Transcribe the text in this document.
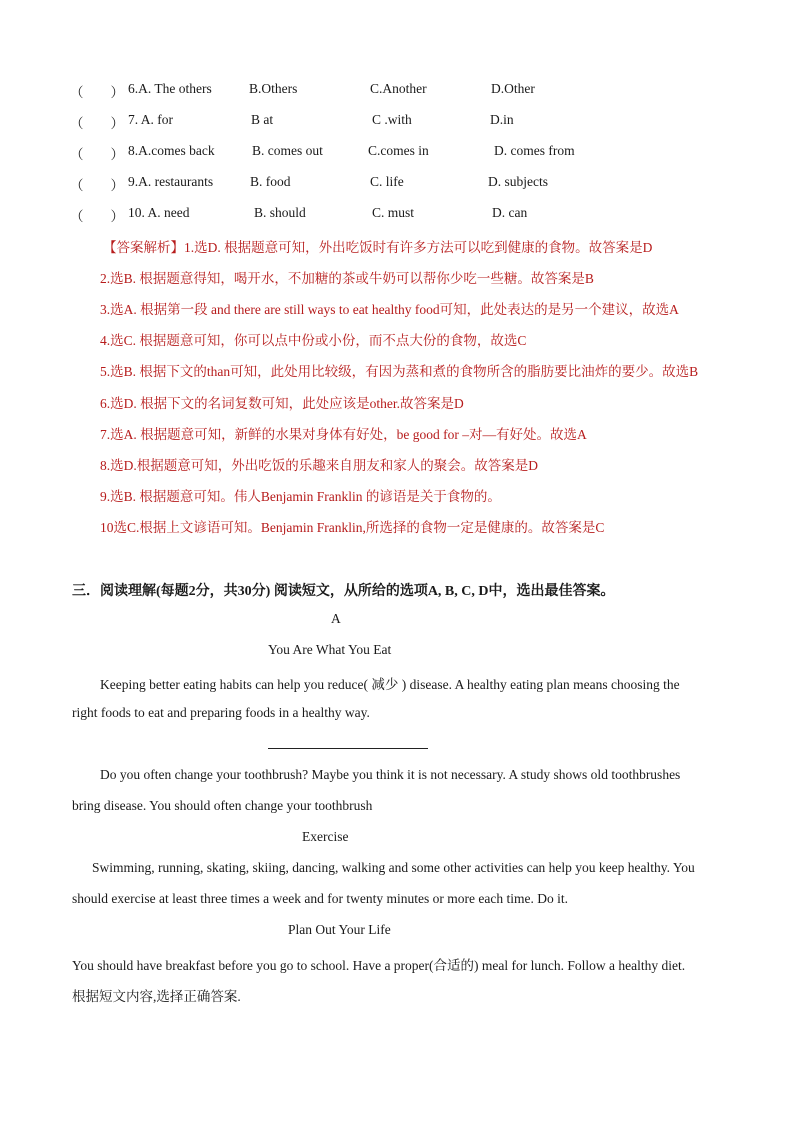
（　　） 6.A. The others	B.Others	C.Another	D.Other
（　　） 7. A. for	B at	C .with	D.in
（　　） 8.A.comes back	B. comes out	C.comes in	D. comes from
（　　） 9.A. restaurants	B. food	C. life	D. subjects
（　　） 10. A. need	B. should	C. must	D. can
【答案解析】1.选D. 根据题意可知，外出吃饭时有许多方法可以吃到健康的食物。故答案是D
2.选B. 根据题意得知，喝开水，不加糖的茶或牛奶可以帮你少吃一些糖。故答案是B
3.选A. 根据第一段 and there are still ways to eat healthy food可知，此处表达的是另一个建议，故选A
4.选C. 根据题意可知，你可以点中份或小份，而不点大份的食物，故选C
5.选B. 根据下文的than可知，此处用比较级，有因为蒸和煮的食物所含的脂肪要比油炸的要少。故选B
6.选D. 根据下文的名词复数可知，此处应该是other.故答案是D
7.选A. 根据题意可知，新鲜的水果对身体有好处，be good for –对—有好处。故选A
8.选D.根据题意可知，外出吃饭的乐趣来自朋友和家人的聚会。故答案是D
9.选B. 根据题意可知。伟人Benjamin Franklin 的谚语是关于食物的。
10选C.根据上文谚语可知。Benjamin Franklin,所选择的食物一定是健康的。故答案是C
三．阅读理解(每题2分，共30分) 阅读短文，从所给的选项A, B, C, D中，选出最佳答案。
A
You Are What You Eat
Keeping better eating habits can help you reduce( 减少 ) disease. A healthy eating plan means choosing the
right foods to eat and preparing foods in a healthy way.
Do you often change your toothbrush? Maybe you think it is not necessary. A study shows old toothbrushes
bring disease. You should often change your toothbrush
Exercise
Swimming, running, skating, skiing, dancing, walking and some other activities can help you keep healthy. You
should exercise at least three times a week and for twenty minutes or more each time. Do it.
Plan Out Your Life
You should have breakfast before you go to school. Have a proper(合适的) meal for lunch. Follow a healthy diet.
根据短文内容,选择正确答案.
